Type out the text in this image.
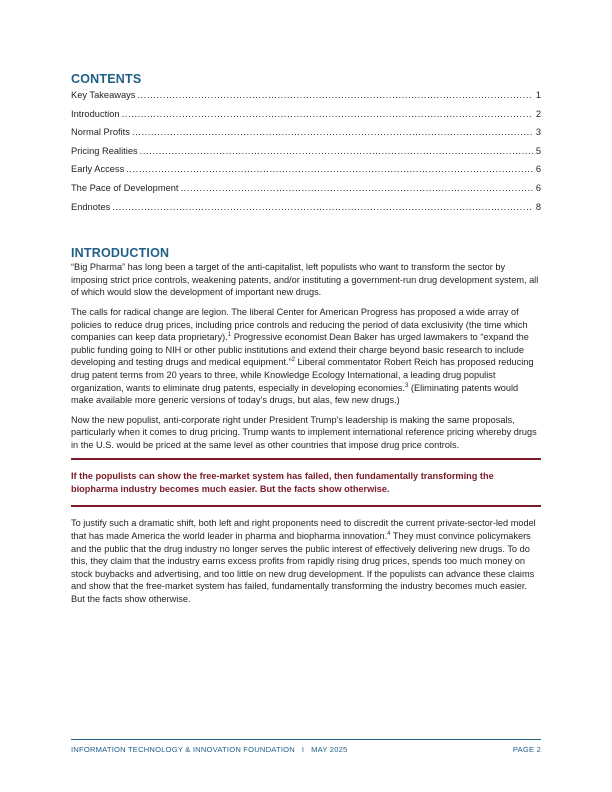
CONTENTS
Key Takeaways .....	1
Introduction .....	2
Normal Profits .....	3
Pricing Realities .....	5
Early Access .....	6
The Pace of Development .....	6
Endnotes .....	8
INTRODUCTION

“Big Pharma” has long been a target of the anti-capitalist, left populists who want to transform the sector by imposing strict price controls, weakening patents, and/or instituting a government-run drug development system, all of which would slow the development of important new drugs.

The calls for radical change are legion. The liberal Center for American Progress has proposed a wide array of policies to reduce drug prices, including price controls and reducing the period of data exclusivity (the time which companies can keep data proprietary).$^1$ Progressive economist Dean Baker has urged lawmakers to “expand the public funding going to NIH or other public institutions and extend their charge beyond basic research to include developing and testing drugs and medical equipment.”$^2$ Liberal commentator Robert Reich has proposed reducing drug patent terms from 20 years to three, while Knowledge Ecology International, a leading drug populist organization, wants to eliminate drug patents, especially in developing economies.$^3$ (Eliminating patents would make available more generic versions of today’s drugs, but alas, few new drugs.)

Now the new populist, anti-corporate right under President Trump’s leadership is making the same proposals, particularly when it comes to drug pricing. Trump wants to implement international reference pricing whereby drugs in the U.S. would be priced at the same level as other countries that impose drug price controls.

If the populists can show the free-market system has failed, then fundamentally transforming the biopharma industry becomes much easier. But the facts show otherwise.

To justify such a dramatic shift, both left and right proponents need to discredit the current private-sector-led model that has made America the world leader in pharma and biopharma innovation.$^4$ They must convince policymakers and the public that the drug industry no longer serves the public interest of effectively delivering new drugs. To do this, they claim that the industry earns excess profits from rapidly rising drug prices, spends too much money on stock buybacks and advertising, and too little on new drug development. If the populists can advance these claims and show that the free-market system has failed, fundamentally transforming the industry becomes much easier. But the facts show otherwise.

INFORMATION TECHNOLOGY & INNOVATION FOUNDATION   I   MAY 2025	PAGE 2
